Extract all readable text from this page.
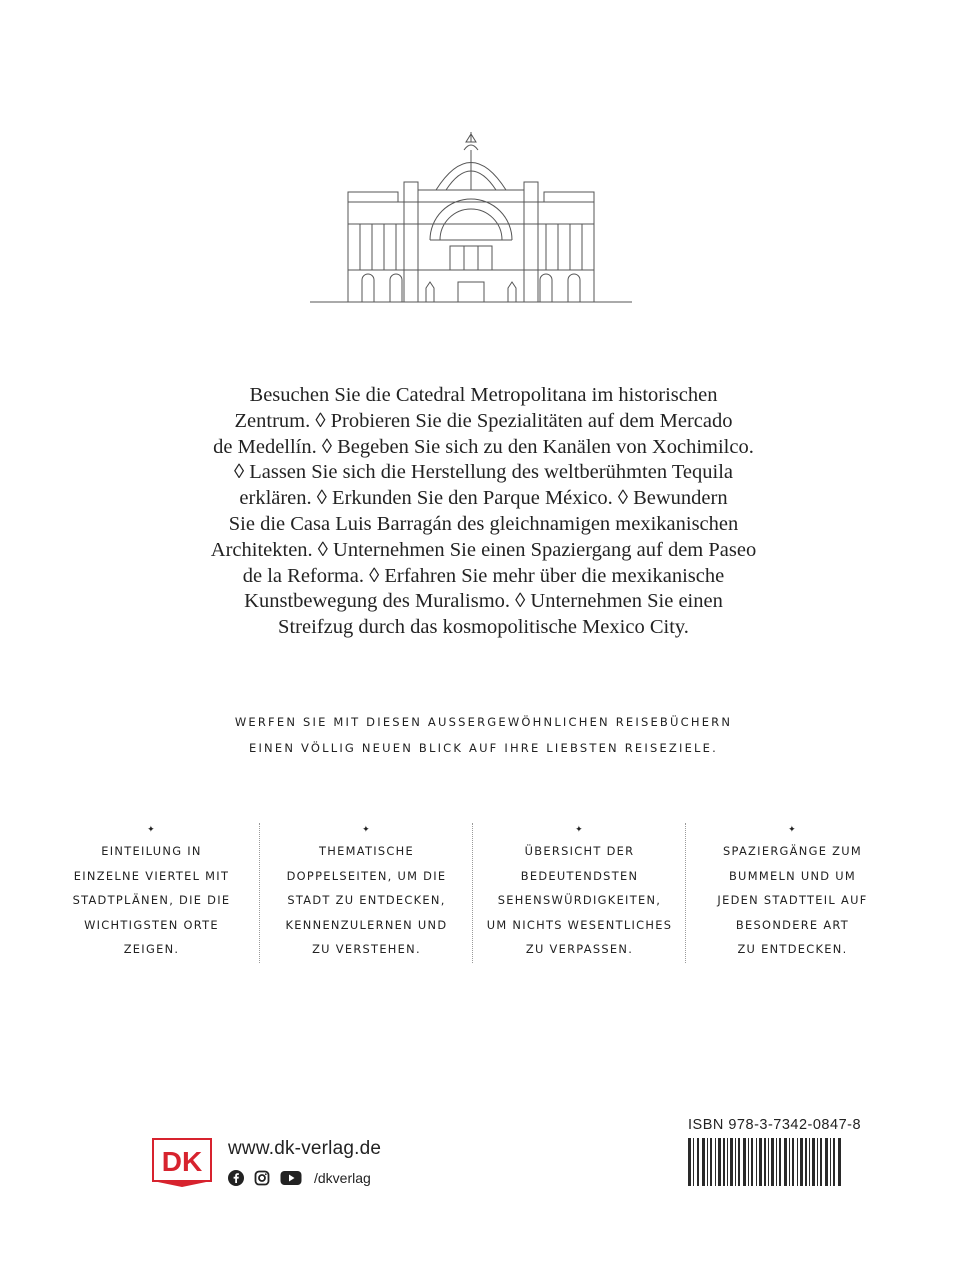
Besuchen Sie die Catedral Metropolitana im historischen
Zentrum. ◊ Probieren Sie die Spezialitäten auf dem Mercado
de Medellín. ◊ Begeben Sie sich zu den Kanälen von Xochimilco.
◊ Lassen Sie sich die Herstellung des weltberühmten Tequila
erklären. ◊ Erkunden Sie den Parque México. ◊ Bewundern
Sie die Casa Luis Barragán des gleichnamigen mexikanischen
Architekten. ◊ Unternehmen Sie einen Spaziergang auf dem Paseo
de la Reforma. ◊ Erfahren Sie mehr über die mexikanische
Kunstbewegung des Muralismo. ◊ Unternehmen Sie einen
Streifzug durch das kosmopolitische Mexico City.
WERFEN SIE MIT DIESEN AUSSERGEWÖHNLICHEN REISEBÜCHERN
EINEN VÖLLIG NEUEN BLICK AUF IHRE LIEBSTEN REISEZIELE.
✦
EINTEILUNG IN
EINZELNE VIERTEL MIT
STADTPLÄNEN, DIE DIE
WICHTIGSTEN ORTE
ZEIGEN.
✦
THEMATISCHE
DOPPELSEITEN, UM DIE
STADT ZU ENTDECKEN,
KENNENZULERNEN UND
ZU VERSTEHEN.
✦
ÜBERSICHT DER
BEDEUTENDSTEN
SEHENSWÜRDIGKEITEN,
UM NICHTS WESENTLICHES
ZU VERPASSEN.
✦
SPAZIERGÄNGE ZUM
BUMMELN UND UM
JEDEN STADTTEIL AUF
BESONDERE ART
ZU ENTDECKEN.
DK www.dk-verlag.de
/dkverlag
ISBN 978-3-7342-0847-8
